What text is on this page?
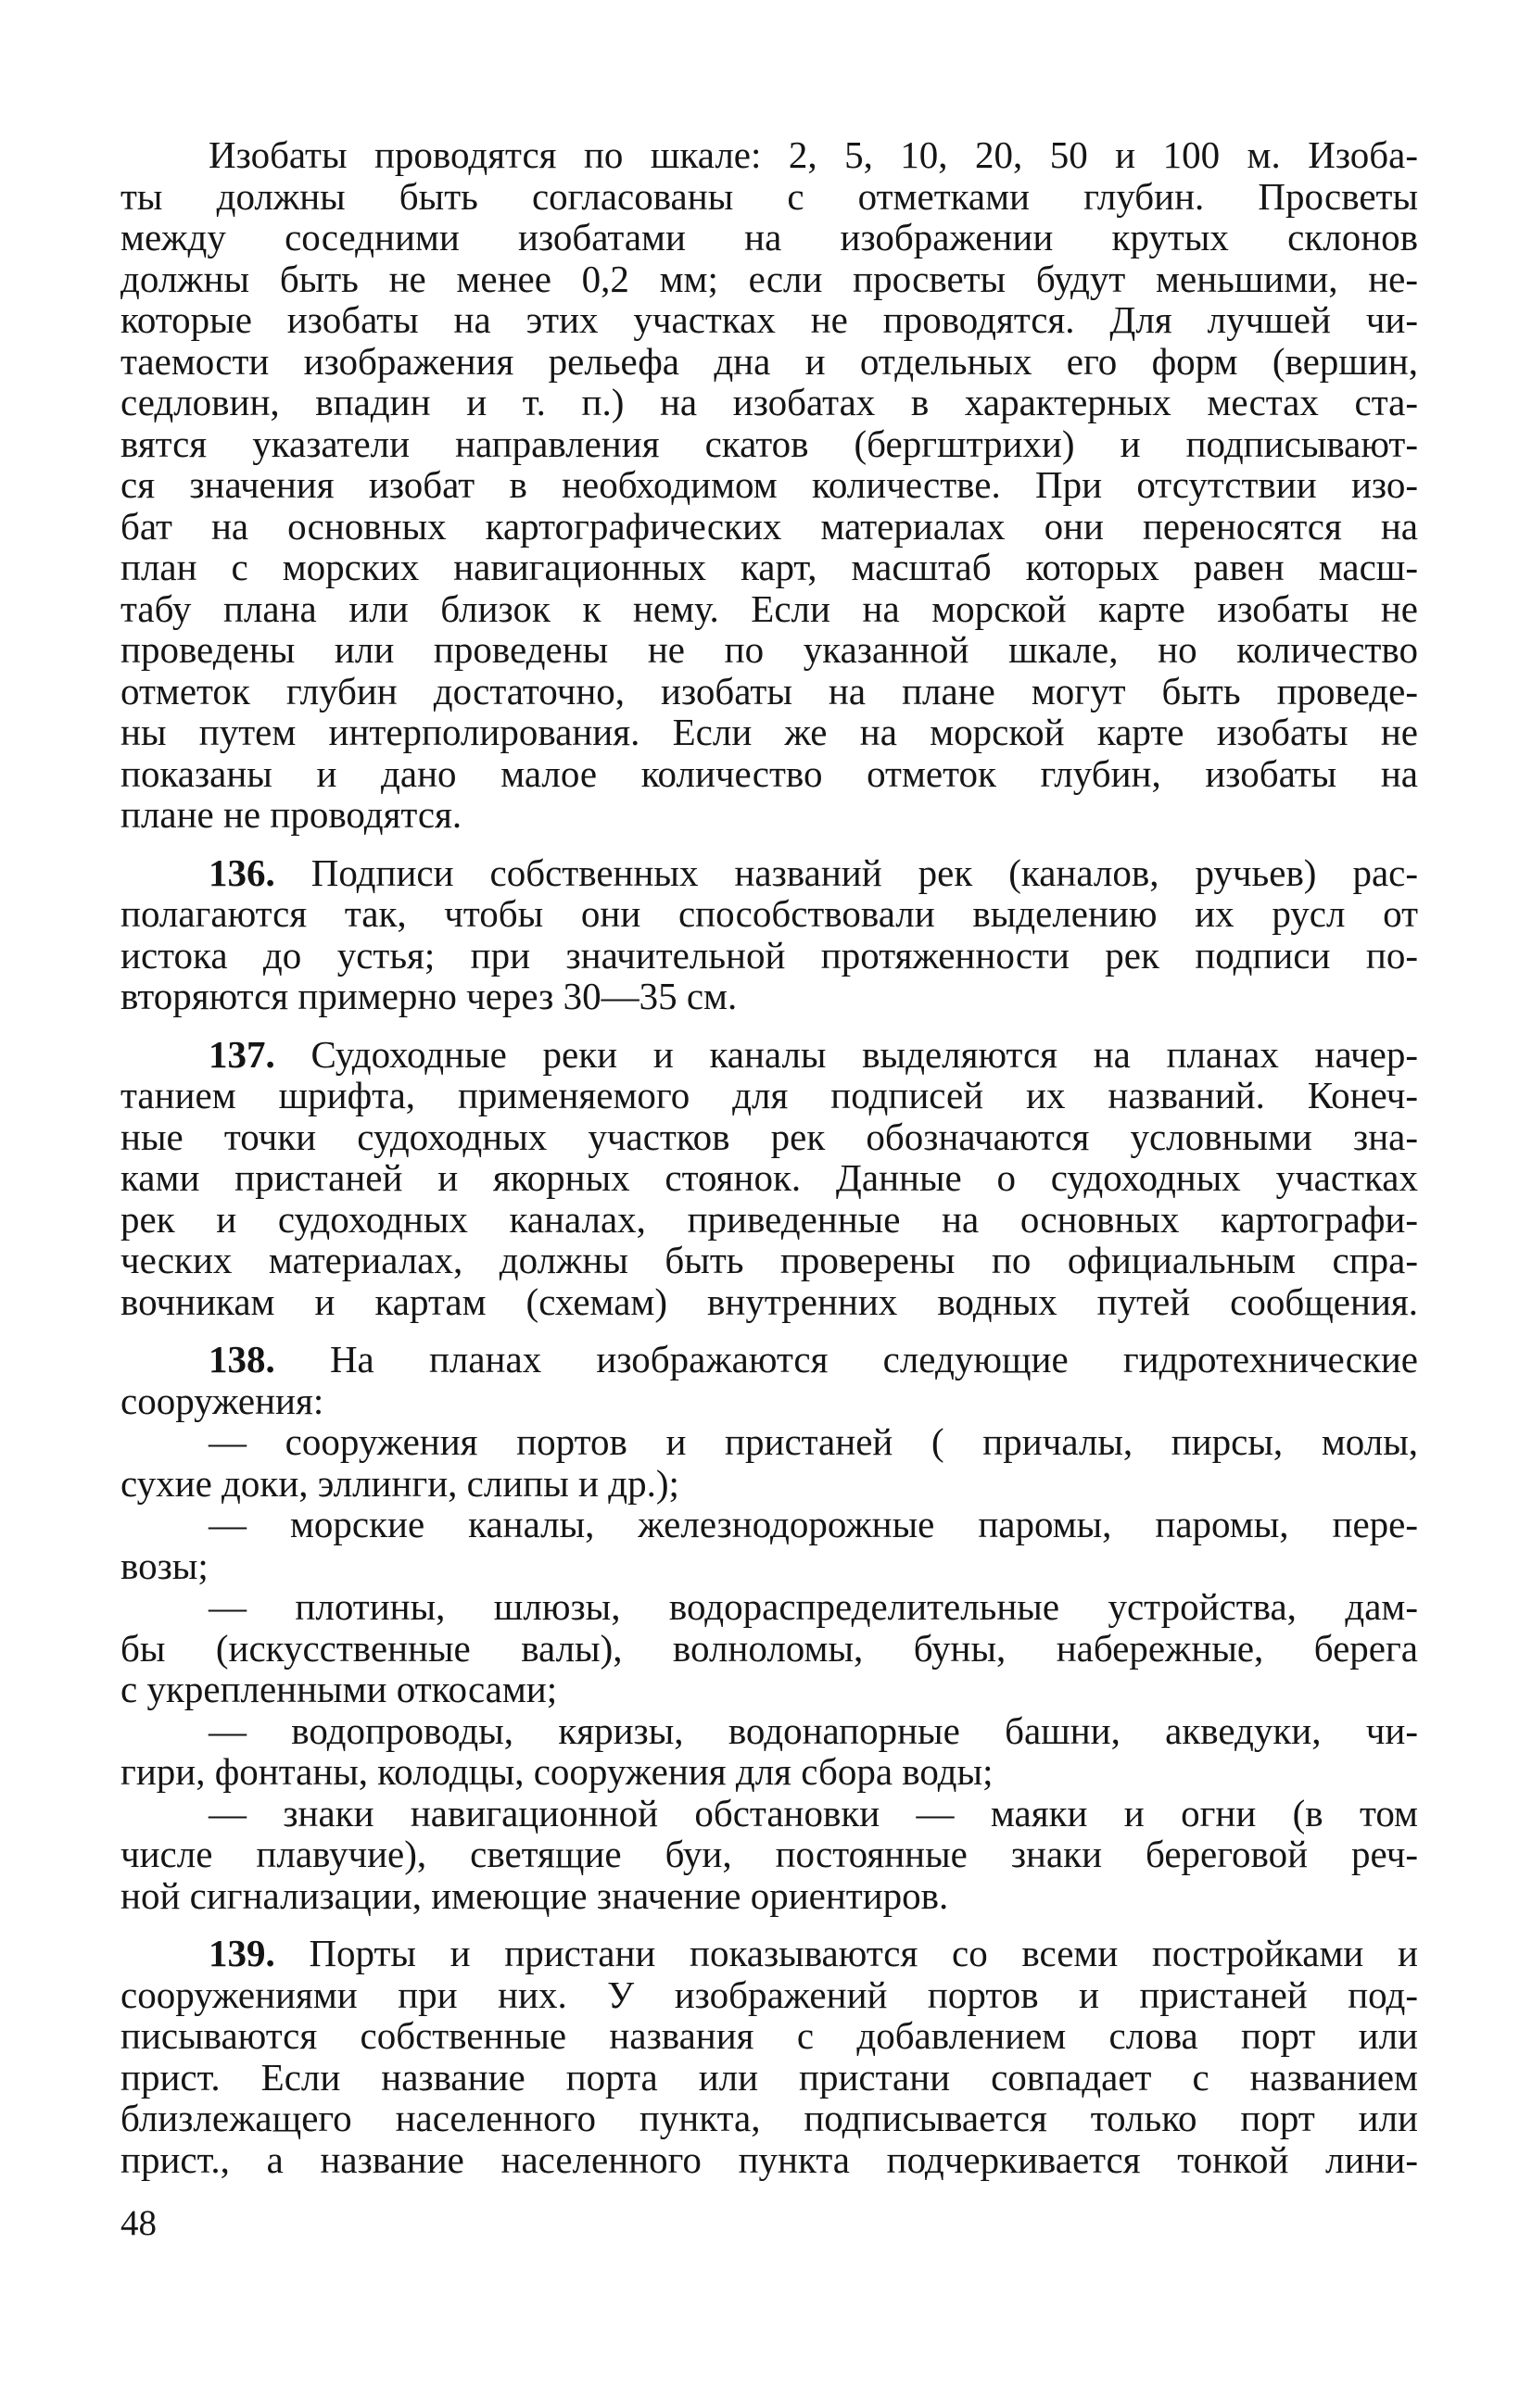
Изобаты проводятся по шкале: 2, 5, 10, 20, 50 и 100 м. Изоба-
ты должны быть согласованы с отметками глубин. Просветы
между соседними изобатами на изображении крутых склонов
должны быть не менее 0,2 мм; если просветы будут меньшими, не-
которые изобаты на этих участках не проводятся. Для лучшей чи-
таемости изображения рельефа дна и отдельных его форм (вершин,
седловин, впадин и т. п.) на изобатах в характерных местах ста-
вятся указатели направления скатов (бергштрихи) и подписывают-
ся значения изобат в необходимом количестве. При отсутствии изо-
бат на основных картографических материалах они переносятся на
план с морских навигационных карт, масштаб которых равен масш-
табу плана или близок к нему. Если на морской карте изобаты не
проведены или проведены не по указанной шкале, но количество
отметок глубин достаточно, изобаты на плане могут быть проведе-
ны путем интерполирования. Если же на морской карте изобаты не
показаны и дано малое количество отметок глубин, изобаты на
плане не проводятся.
136. Подписи собственных названий рек (каналов, ручьев) рас-
полагаются так, чтобы они способствовали выделению их русл от
истока до устья; при значительной протяженности рек подписи по-
вторяются примерно через 30—35 см.
137. Судоходные реки и каналы выделяются на планах начер-
танием шрифта, применяемого для подписей их названий. Конеч-
ные точки судоходных участков рек обозначаются условными зна-
ками пристаней и якорных стоянок. Данные о судоходных участках
рек и судоходных каналах, приведенные на основных картографи-
ческих материалах, должны быть проверены по официальным спра-
вочникам и картам (схемам) внутренних водных путей сообщения.
138. На планах изображаются следующие гидротехнические
сооружения:
— сооружения портов и пристаней ( причалы, пирсы, молы,
сухие доки, эллинги, слипы и др.);
— морские каналы, железнодорожные паромы, паромы, пере-
возы;
— плотины, шлюзы, водораспределительные устройства, дам-
бы (искусственные валы), волноломы, буны, набережные, берега
с укрепленными откосами;
— водопроводы, кяризы, водонапорные башни, акведуки, чи-
гири, фонтаны, колодцы, сооружения для сбора воды;
— знаки навигационной обстановки — маяки и огни (в том
числе плавучие), светящие буи, постоянные знаки береговой реч-
ной сигнализации, имеющие значение ориентиров.
139. Порты и пристани показываются со всеми постройками и
сооружениями при них. У изображений портов и пристаней под-
писываются собственные названия с добавлением слова порт или
прист. Если название порта или пристани совпадает с названием
близлежащего населенного пункта, подписывается только порт или
прист., а название населенного пункта подчеркивается тонкой лини-
48
